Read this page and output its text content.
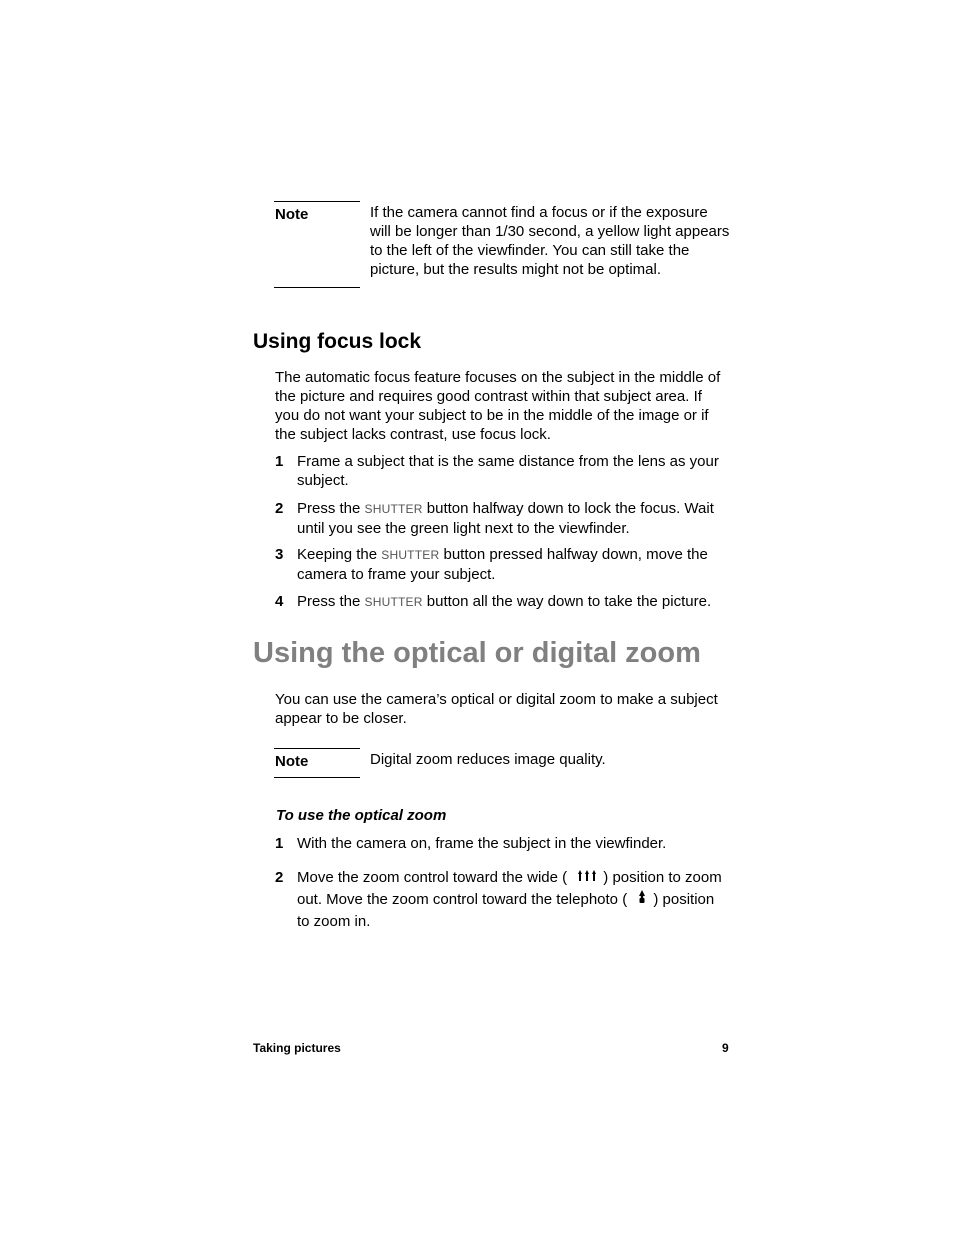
Note	If the camera cannot find a focus or if the exposure will be longer than 1/30 second, a yellow light appears to the left of the viewfinder. You can still take the picture, but the results might not be optimal.
Using focus lock

The automatic focus feature focuses on the subject in the middle of the picture and requires good contrast within that subject area. If you do not want your subject to be in the middle of the image or if the subject lacks contrast, use focus lock.

1 Frame a subject that is the same distance from the lens as your subject.
2 Press the SHUTTER button halfway down to lock the focus. Wait until you see the green light next to the viewfinder.
3 Keeping the SHUTTER button pressed halfway down, move the camera to frame your subject.
4 Press the SHUTTER button all the way down to take the picture.
Using the optical or digital zoom

You can use the camera’s optical or digital zoom to make a subject appear to be closer.

Note	Digital zoom reduces image quality.

To use the optical zoom

1 With the camera on, frame the subject in the viewfinder.
2 Move the zoom control toward the wide ( ) position to zoom out. Move the zoom control toward the telephoto ( ) position to zoom in.
Taking pictures	9
